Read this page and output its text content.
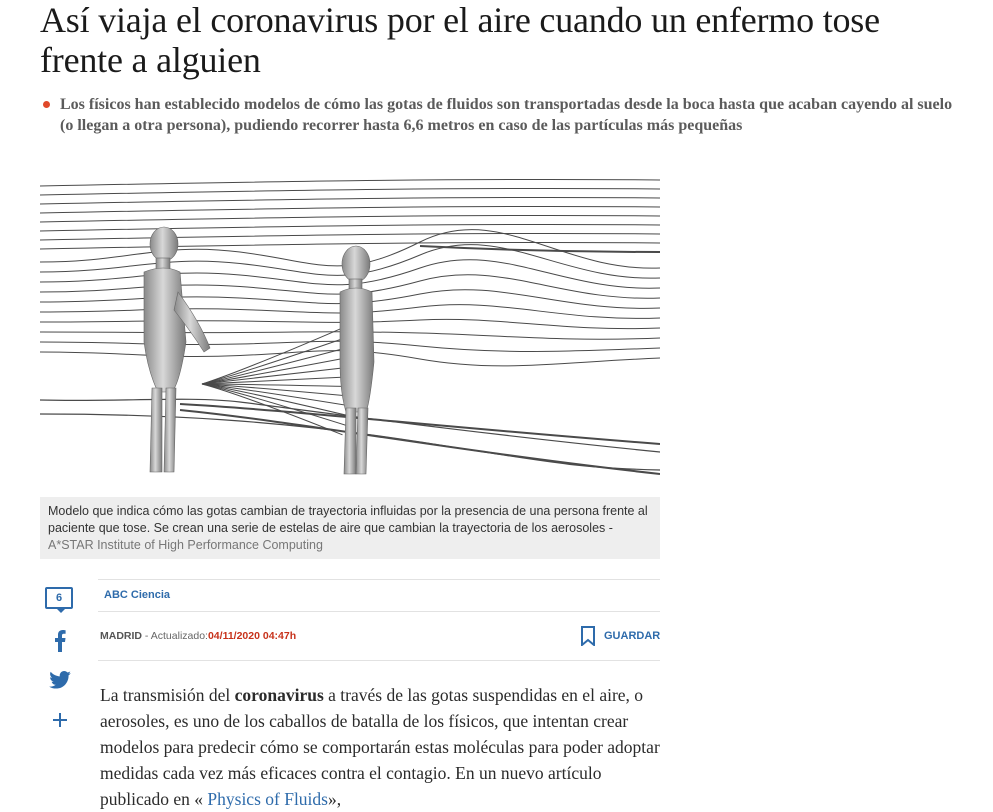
Así viaja el coronavirus por el aire cuando un enfermo tose frente a alguien

Los físicos han establecido modelos de cómo las gotas de fluidos son transportadas desde la boca hasta que acaban cayendo al suelo (o llegan a otra persona), pudiendo recorrer hasta 6,6 metros en caso de las partículas más pequeñas

Modelo que indica cómo las gotas cambian de trayectoria influidas por la presencia de una persona frente al paciente que tose. Se crean una serie de estelas de aire que cambian la trayectoria de los aerosoles - A*STAR Institute of High Performance Computing
ABC Ciencia
MADRID - Actualizado:04/11/2020 04:47h	GUARDAR
6

La transmisión del coronavirus a través de las gotas suspendidas en el aire, o aerosoles, es uno de los caballos de batalla de los físicos, que intentan crear modelos para predecir cómo se comportarán estas moléculas para poder adoptar medidas cada vez más eficaces contra el contagio. En un nuevo artículo publicado en « Physics of Fluids»,
